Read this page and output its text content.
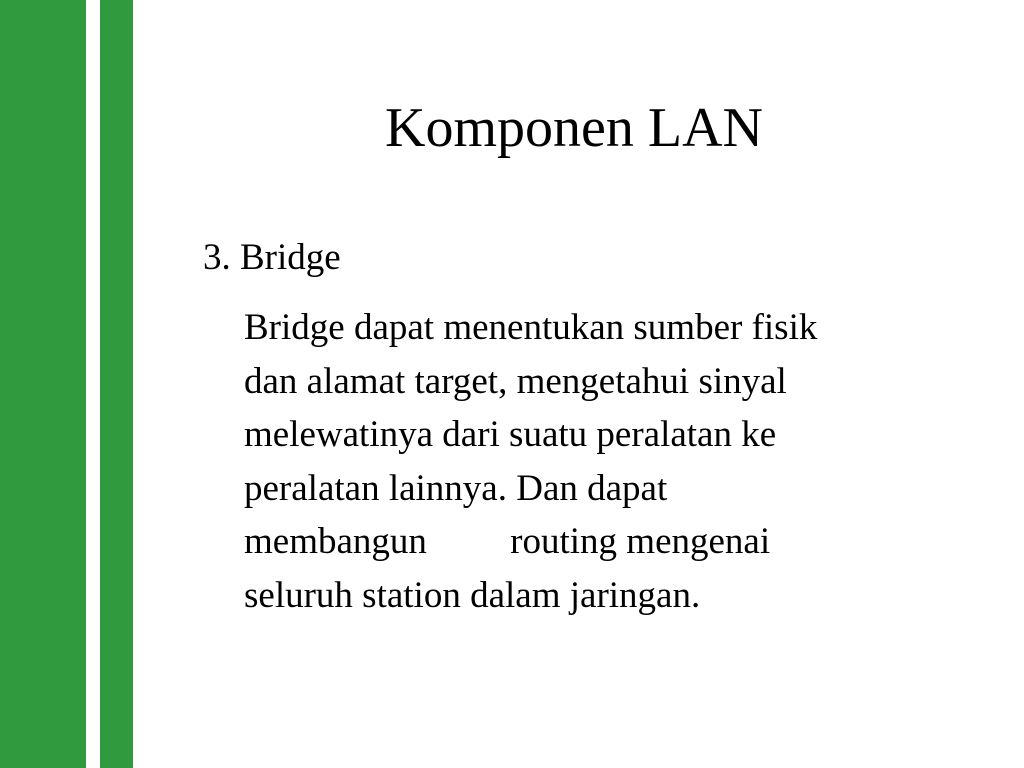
Komponen LAN

3. Bridge

Bridge dapat menentukan sumber fisik
dan alamat target, mengetahui sinyal
melewatinya dari suatu peralatan ke
peralatan lainnya. Dan dapat
membangun         routing mengenai
seluruh station dalam jaringan.
